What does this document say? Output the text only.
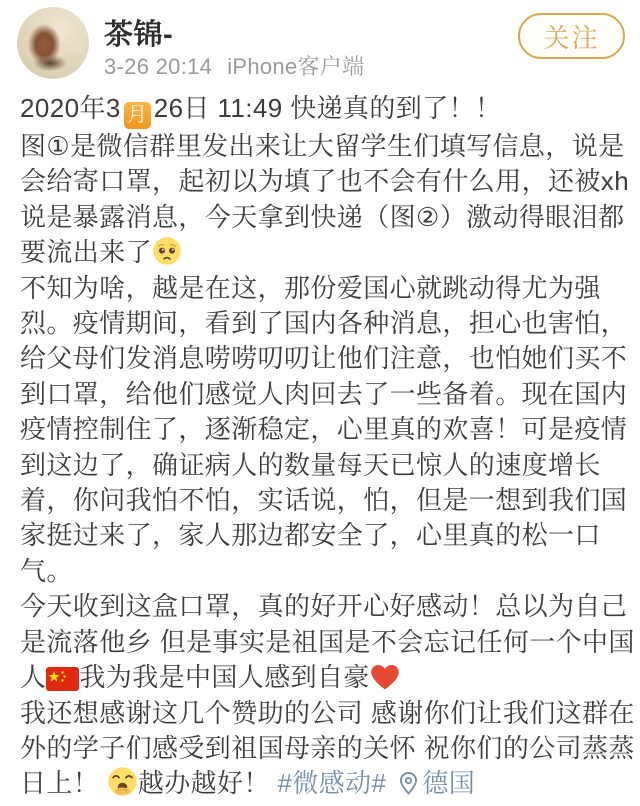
茶锦-
3-26 20:14 iPhone客户端
关注
2020年3 月 26日 11:49 快递真的到了！！
图①是微信群里发出来让大留学生们填写信息，说是
会给寄口罩，起初以为填了也不会有什么用，还被xh
说是暴露消息，今天拿到快递（图②）激动得眼泪都
要流出来了
不知为啥，越是在这，那份爱国心就跳动得尤为强
烈。疫情期间，看到了国内各种消息，担心也害怕，
给父母们发消息唠唠叨叨让他们注意，也怕她们买不
到口罩，给他们感觉人肉回去了一些备着。现在国内
疫情控制住了，逐渐稳定，心里真的欢喜！可是疫情
到这边了，确证病人的数量每天已惊人的速度增长
着，你问我怕不怕，实话说，怕，但是一想到我们国
家挺过来了，家人那边都安全了，心里真的松一口
气。
今天收到这盒口罩，真的好开心好感动！总以为自己
是流落他乡 但是事实是祖国是不会忘记任何一个中国
人 我为我是中国人感到自豪
我还想感谢这几个赞助的公司 感谢你们让我们这群在
外的学子们感受到祖国母亲的关怀 祝你们的公司蒸蒸
日上！
越办越好！ #微感动# 德国
